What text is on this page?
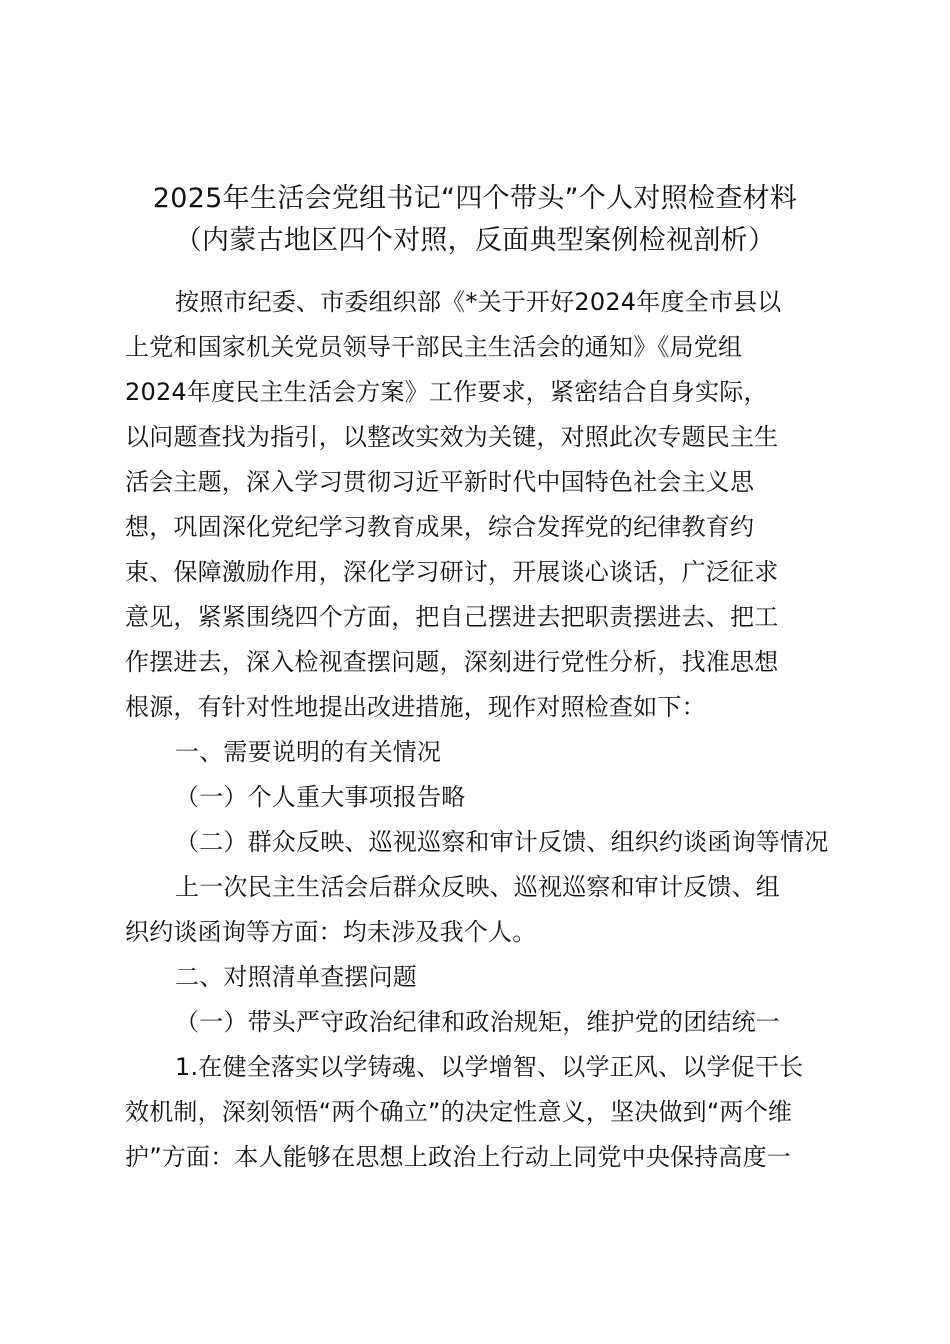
2025年生活会党组书记“四个带头”个人对照检查材料
（内蒙古地区四个对照，反面典型案例检视剖析）
按照市纪委、市委组织部《*关于开好2024年度全市县以
上党和国家机关党员领导干部民主生活会的通知》《局党组
2024年度民主生活会方案》工作要求，紧密结合自身实际，
以问题查找为指引，以整改实效为关键，对照此次专题民主生
活会主题，深入学习贯彻习近平新时代中国特色社会主义思
想，巩固深化党纪学习教育成果，综合发挥党的纪律教育约
束、保障激励作用，深化学习研讨，开展谈心谈话，广泛征求
意见，紧紧围绕四个方面，把自己摆进去把职责摆进去、把工
作摆进去，深入检视查摆问题，深刻进行党性分析，找准思想
根源，有针对性地提出改进措施，现作对照检查如下：
一、需要说明的有关情况
（一）个人重大事项报告略
（二）群众反映、巡视巡察和审计反馈、组织约谈函询等情况
上一次民主生活会后群众反映、巡视巡察和审计反馈、组
织约谈函询等方面：均未涉及我个人。
二、对照清单查摆问题
（一）带头严守政治纪律和政治规矩，维护党的团结统一
1.在健全落实以学铸魂、以学增智、以学正风、以学促干长
效机制，深刻领悟“两个确立”的决定性意义，坚决做到“两个维
护”方面：本人能够在思想上政治上行动上同党中央保持高度一
